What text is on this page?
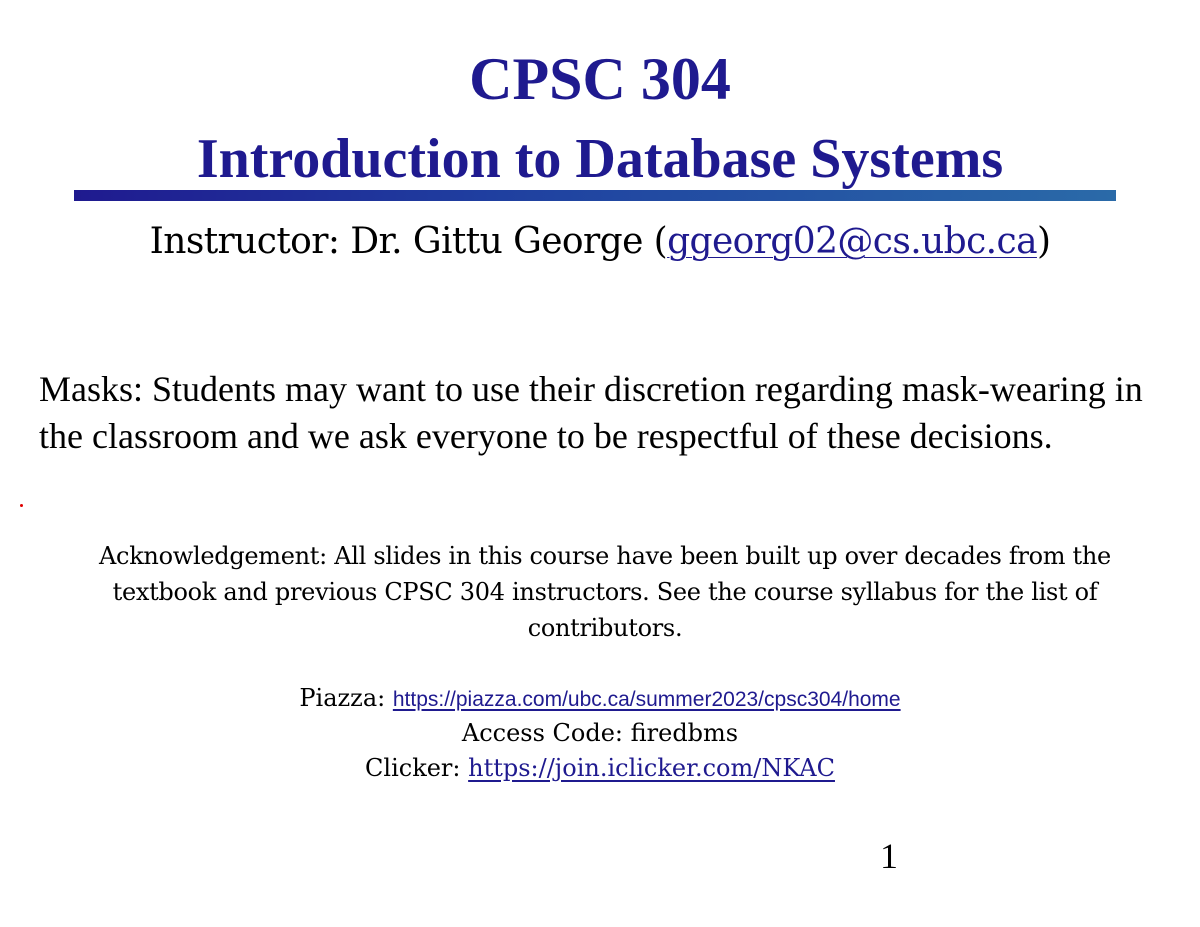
CPSC 304
Introduction to Database Systems
Instructor: Dr. Gittu George (ggeorg02@cs.ubc.ca)
Masks: Students may want to use their discretion regarding mask-wearing in the classroom and we ask everyone to be respectful of these decisions.
Acknowledgement: All slides in this course have been built up over decades from the textbook and previous CPSC 304 instructors. See the course syllabus for the list of contributors.
Piazza: https://piazza.com/ubc.ca/summer2023/cpsc304/home
Access Code: firedbms
Clicker: https://join.iclicker.com/NKAC
1
